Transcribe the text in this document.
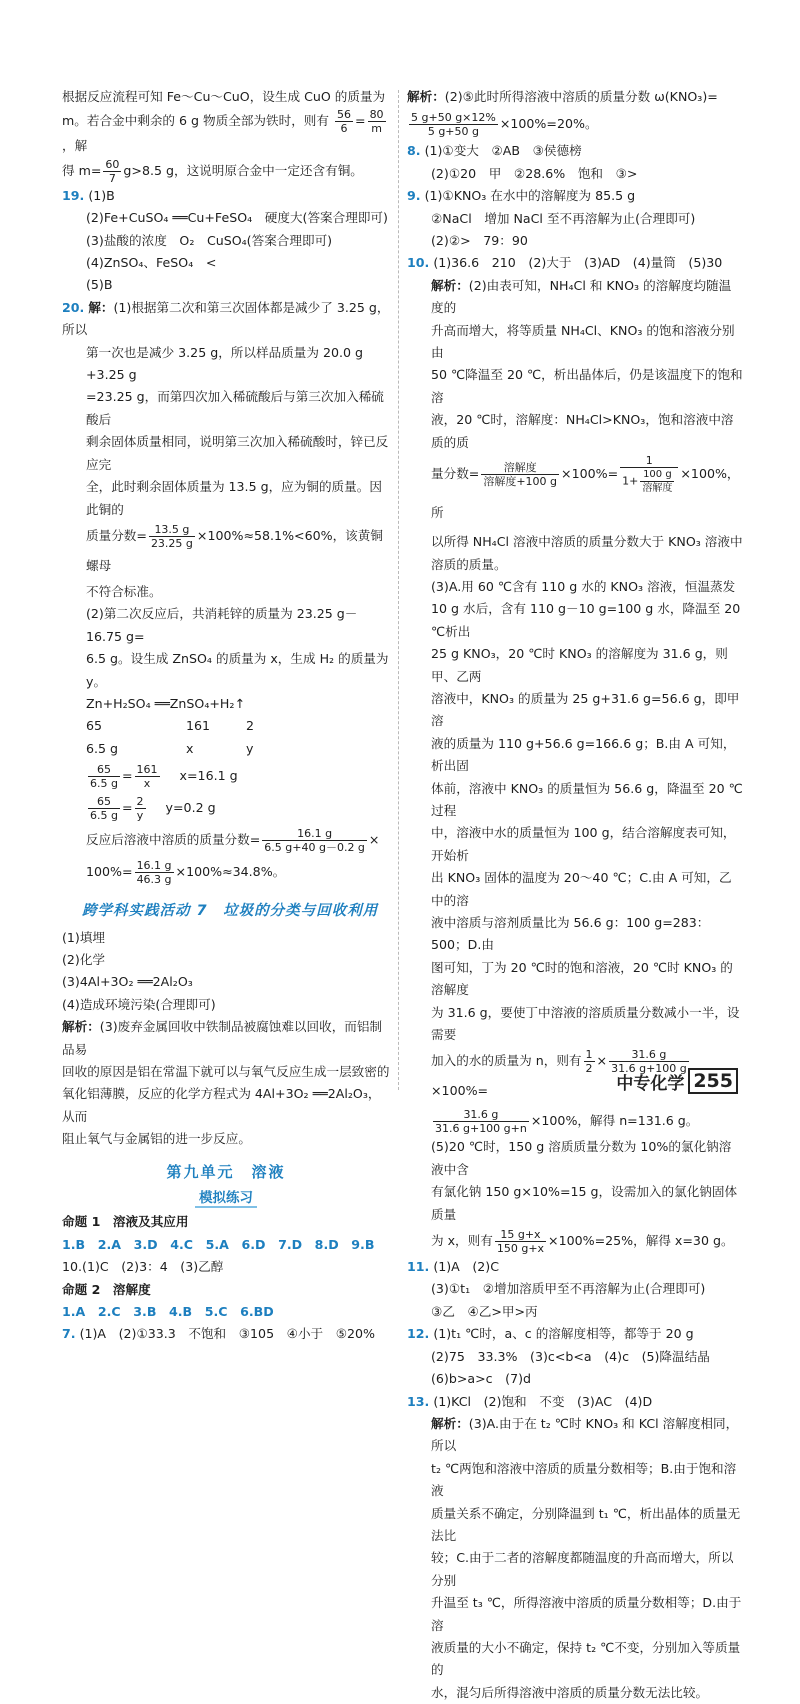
根据反应流程可知 Fe～Cu～CuO，设生成 CuO 的质量为

m。若合金中剩余的 6 g 物质全部为铁时，则有 $\frac{56}{6} = \frac{80}{m}$
，解

得 $m= \frac{60}{7} g>8.5$ g，这说明原合金中一定还含有铜。

19. (1)B

(2)Fe+CuSO₄ ══Cu+FeSO₄　硬度大(答案合理即可)

(3)盐酸的浓度　O₂　CuSO₄(答案合理即可)

(4)ZnSO₄、FeSO₄　<

(5)B

20. 解：(1)根据第二次和第三次固体都是减少了 3.25 g，所以

第一次也是减少 3.25 g，所以样品质量为 20.0 g +3.25 g

=23.25 g，而第四次加入稀硫酸后与第三次加入稀硫酸后

剩余固体质量相同，说明第三次加入稀硫酸时，锌已反应完

全，此时剩余固体质量为 13.5 g，应为铜的质量。因此铜的

质量分数= $\frac{13.5 g}{23.25 g} \times 100\%\approx 58.1\%<60\%$，该黄铜螺母

不符合标准。

(2)第二次反应后，共消耗锌的质量为 23.25 g－16.75 g=

6.5 g。设生成 ZnSO₄ 的质量为 x，生成 H₂ 的质量为 y。

Zn+H₂SO₄ ══ZnSO₄+H₂↑

65	161	2

6.5 g	x	y

$\frac{65}{6.5 g} = \frac{161}{x} x=16.1$ g

$\frac{65}{6.5 g} = \frac{2}{y} y=0.2$ g

反应后溶液中溶质的质量分数= $\frac{16.1 g}{6.5 g+40 g-0.2 g}$ ×

$100\%= \frac{16.1 g}{46.3 g} \times 100\%\approx 34.8\%$。

跨学科实践活动 7　垃圾的分类与回收利用

(1)填埋

(2)化学

(3)4Al+3O₂ ══2Al₂O₃

(4)造成环境污染(合理即可)

解析：(3)废弃金属回收中铁制品被腐蚀难以回收，而铝制品易

回收的原因是铝在常温下就可以与氧气反应生成一层致密的

氧化铝薄膜，反应的化学方程式为 4Al+3O₂ ══2Al₂O₃，从而

阻止氧气与金属铝的进一步反应。

第九单元　溶液
模拟练习

命题 1　溶液及其应用

1.B　2.A　3.D　4.C　5.A　6.D　7.D　8.D　9.B

10.(1)C　(2)3：4　(3)乙醇

命题 2　溶解度

1.A　2.C　3.B　4.B　5.C　6.BD

7. (1)A　(2)①33.3　不饱和　③105　④小于　⑤20%

解析：(2)⑤此时所得溶液中溶质的质量分数 ω(KNO₃)=

$\frac{5 g+50 g\times 12\%}{5 g+50 g} \times 100\%=20\%$。

8. (1)①变大　②AB　③侯德榜

(2)①20　甲　②28.6%　饱和　③>

9. (1)①KNO₃ 在水中的溶解度为 85.5 g

②NaCl　增加 NaCl 至不再溶解为止(合理即可)

(2)②>　79：90

10. (1)36.6　210　(2)大于　(3)AD　(4)量筒　(5)30

解析：(2)由表可知，NH₄Cl 和 KNO₃ 的溶解度均随温度的

升高而增大，将等质量 NH₄Cl、KNO₃ 的饱和溶液分别由

50 ℃降温至 20 ℃，析出晶体后，仍是该温度下的饱和溶

液，20 ℃时，溶解度：NH₄Cl>KNO₃，饱和溶液中溶质的质

量分数= $\frac{\text{溶解度}}{\text{溶解度+100 g}} \times 100\%= \frac{1}{1+ \frac{100 g}{\text{溶解度}}} \times 100\%$，所

以所得 NH₄Cl 溶液中溶质的质量分数大于 KNO₃ 溶液中

溶质的质量。

(3)A.用 60 ℃含有 110 g 水的 KNO₃ 溶液，恒温蒸发

10 g 水后，含有 110 g－10 g=100 g 水，降温至 20 ℃析出

25 g KNO₃，20 ℃时 KNO₃ 的溶解度为 31.6 g，则甲、乙两

溶液中，KNO₃ 的质量为 25 g+31.6 g=56.6 g，即甲溶

液的质量为 110 g+56.6 g=166.6 g；B.由 A 可知，析出固

体前，溶液中 KNO₃ 的质量恒为 56.6 g，降温至 20 ℃过程

中，溶液中水的质量恒为 100 g，结合溶解度表可知，开始析

出 KNO₃ 固体的温度为 20～40 ℃；C.由 A 可知，乙中的溶

液中溶质与溶剂质量比为 56.6 g：100 g=283：500；D.由

图可知，丁为 20 ℃时的饱和溶液，20 ℃时 KNO₃ 的溶解度

为 31.6 g，要使丁中溶液的溶质质量分数减小一半，设需要

加入的水的质量为 n，则有 $\frac{1}{2} \times \frac{31.6 g}{31.6 g+100 g}$
×100%=

$\frac{31.6 g}{31.6 g+100 g+n} \times 100\%$，解得 n=131.6 g。

(5)20 ℃时，150 g 溶质质量分数为 10%的氯化钠溶液中含

有氯化钠 150 g×10%=15 g，设需加入的氯化钠固体质量

为 x，则有 $\frac{15 g+x}{150 g+x} \times 100\%=25\%$，解得 x=30 g。

11. (1)A　(2)C

(3)①t₁　②增加溶质甲至不再溶解为止(合理即可)

③乙　④乙>甲>丙

12. (1)t₁ ℃时，a、c 的溶解度相等，都等于 20 g

(2)75　33.3%　(3)c<b<a　(4)c　(5)降温结晶

(6)b>a>c　(7)d

13. (1)KCl　(2)饱和　不变　(3)AC　(4)D

解析：(3)A.由于在 t₂ ℃时 KNO₃ 和 KCl 溶解度相同，所以

t₂ ℃两饱和溶液中溶质的质量分数相等；B.由于饱和溶液

质量关系不确定，分别降温到 t₁ ℃，析出晶体的质量无法比

较；C.由于二者的溶解度都随温度的升高而增大，所以分别

升温至 t₃ ℃，所得溶液中溶质的质量分数相等；D.由于溶

液质量的大小不确定，保持 t₂ ℃不变，分别加入等质量的

水，混匀后所得溶液中溶质的质量分数无法比较。

中专化学 255
